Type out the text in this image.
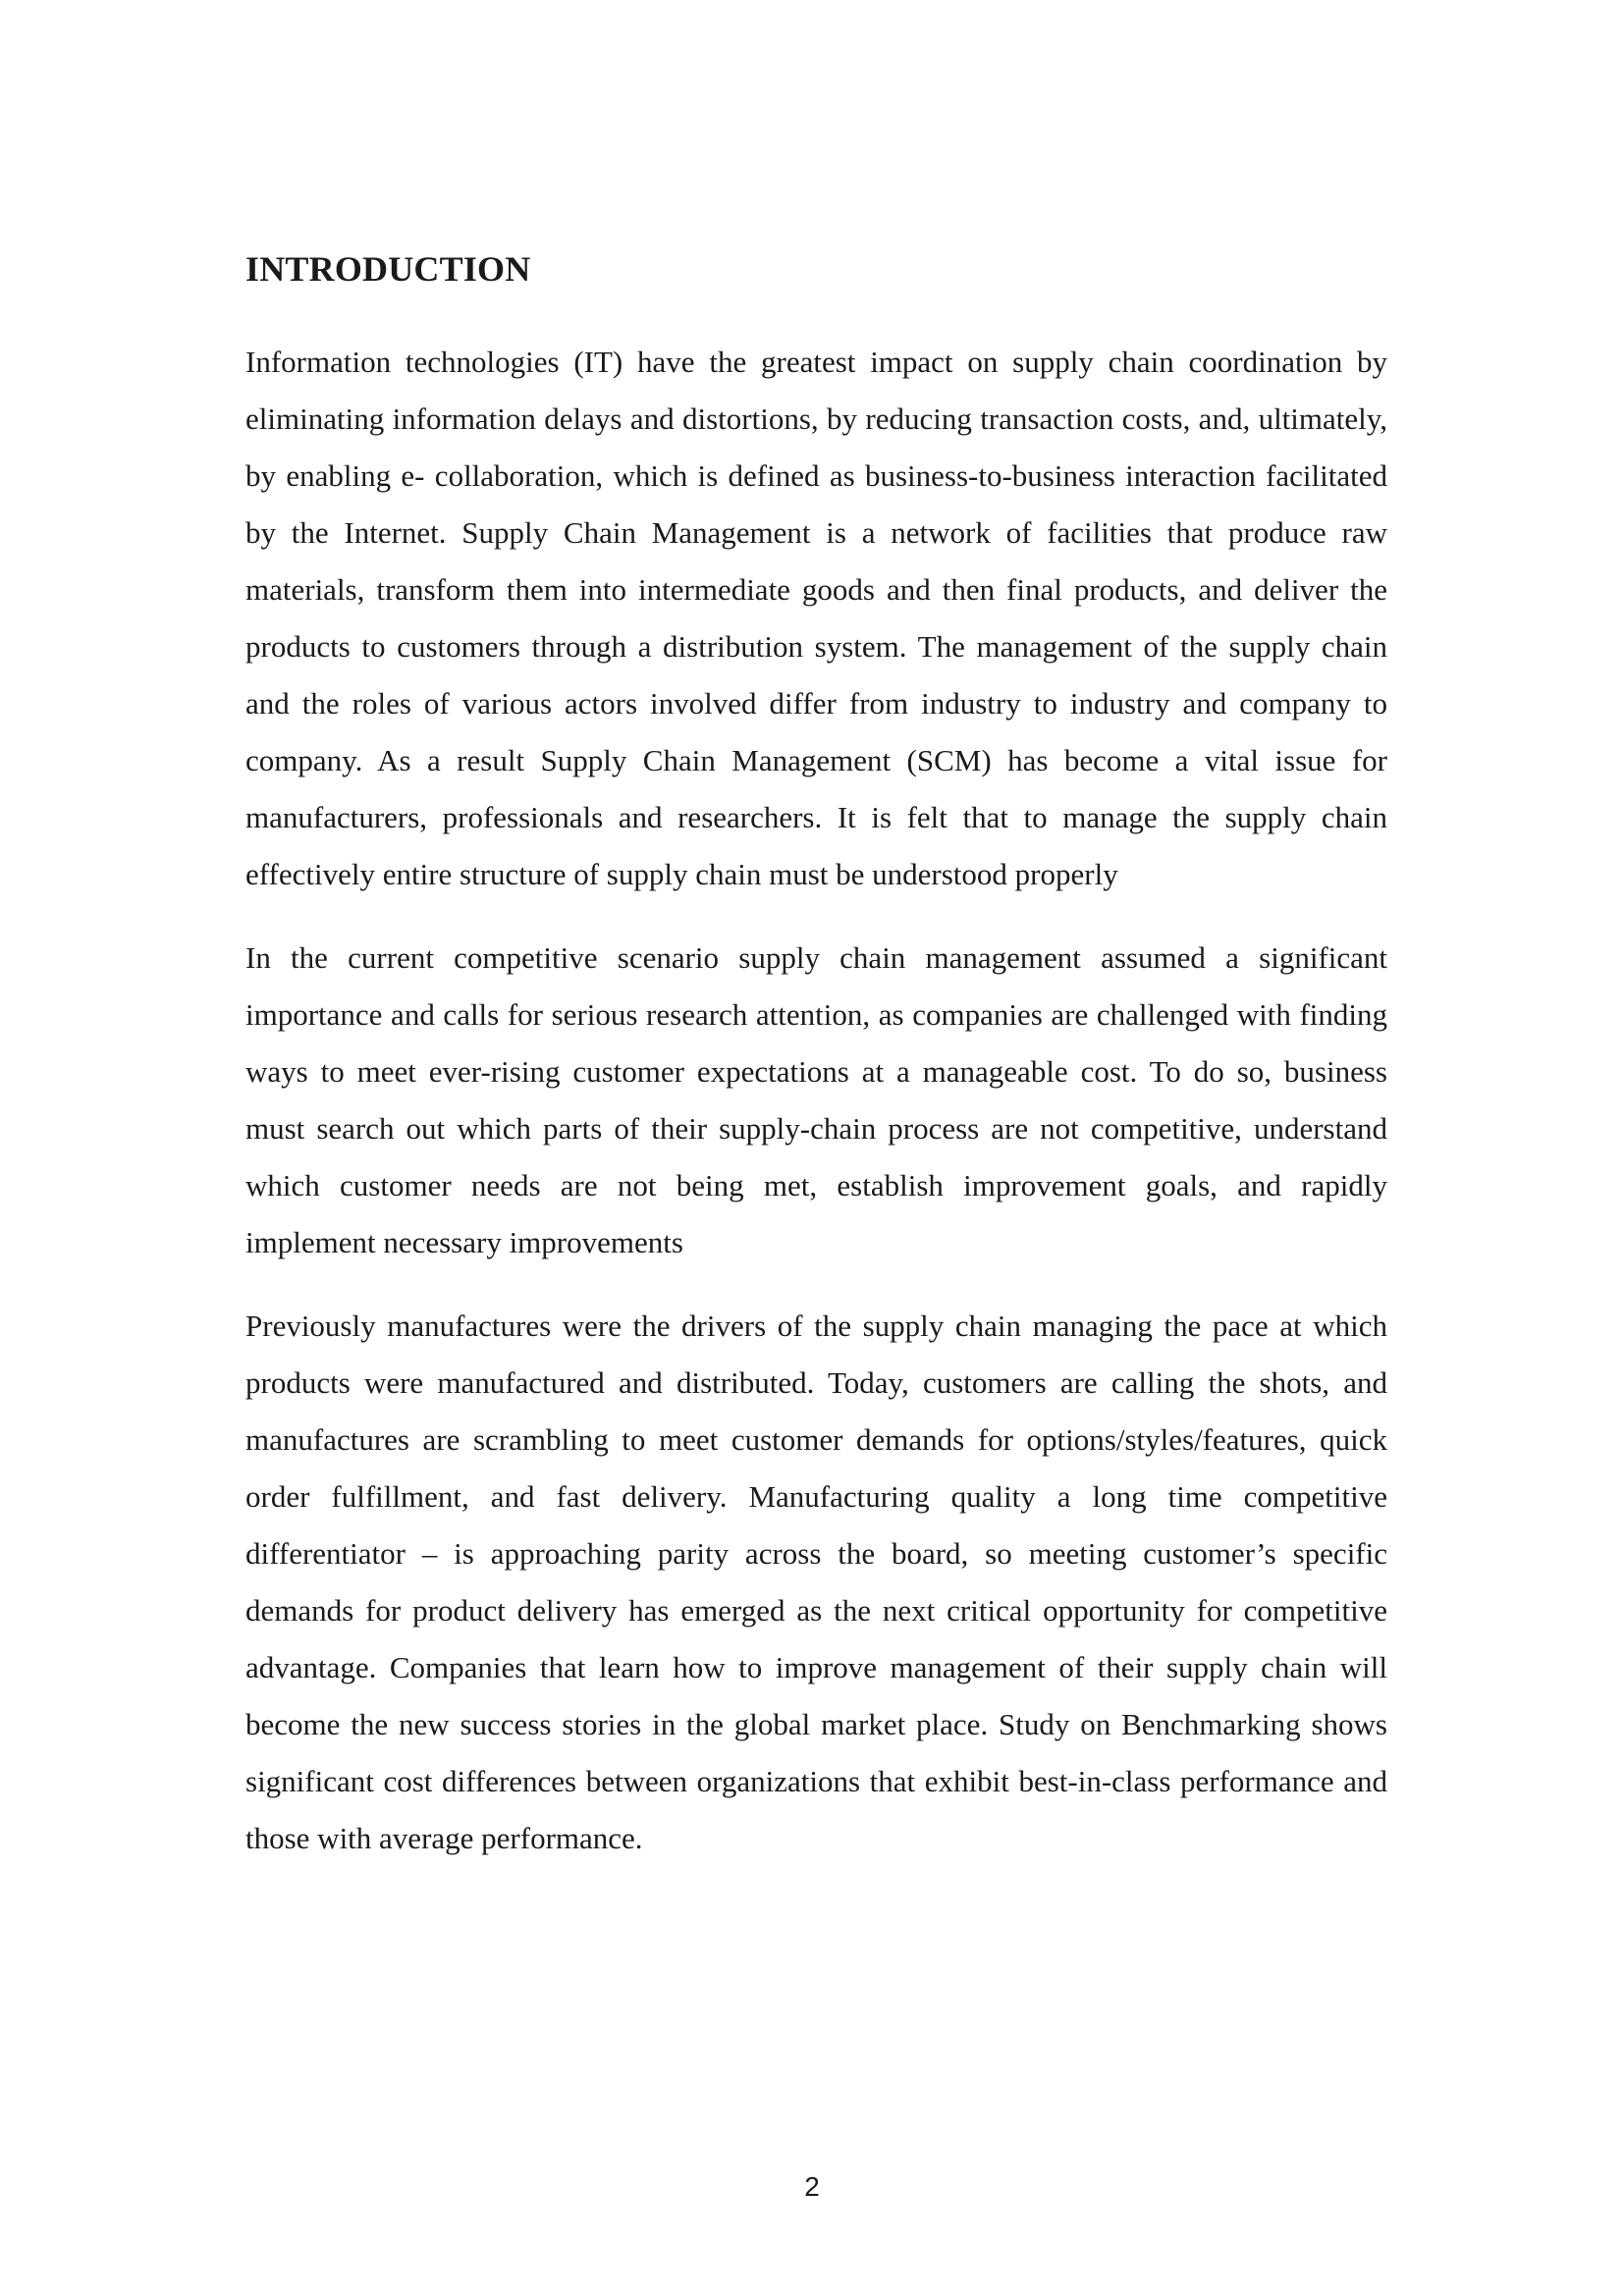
INTRODUCTION

Information technologies (IT) have the greatest impact on supply chain coordination by eliminating information delays and distortions, by reducing transaction costs, and, ultimately, by enabling e- collaboration, which is defined as business-to-business interaction facilitated by the Internet. Supply Chain Management is a network of facilities that produce raw materials, transform them into intermediate goods and then final products, and deliver the products to customers through a distribution system. The management of the supply chain and the roles of various actors involved differ from industry to industry and company to company. As a result Supply Chain Management (SCM) has become a vital issue for manufacturers, professionals and researchers. It is felt that to manage the supply chain effectively entire structure of supply chain must be understood properly

In the current competitive scenario supply chain management assumed a significant importance and calls for serious research attention, as companies are challenged with finding ways to meet ever-rising customer expectations at a manageable cost. To do so, business must search out which parts of their supply-chain process are not competitive, understand which customer needs are not being met, establish improvement goals, and rapidly implement necessary improvements

Previously manufactures were the drivers of the supply chain managing the pace at which products were manufactured and distributed. Today, customers are calling the shots, and manufactures are scrambling to meet customer demands for options/styles/features, quick order fulfillment, and fast delivery. Manufacturing quality a long time competitive differentiator – is approaching parity across the board, so meeting customer’s specific demands for product delivery has emerged as the next critical opportunity for competitive advantage. Companies that learn how to improve management of their supply chain will become the new success stories in the global market place. Study on Benchmarking shows significant cost differences between organizations that exhibit best-in-class performance and those with average performance.

2
